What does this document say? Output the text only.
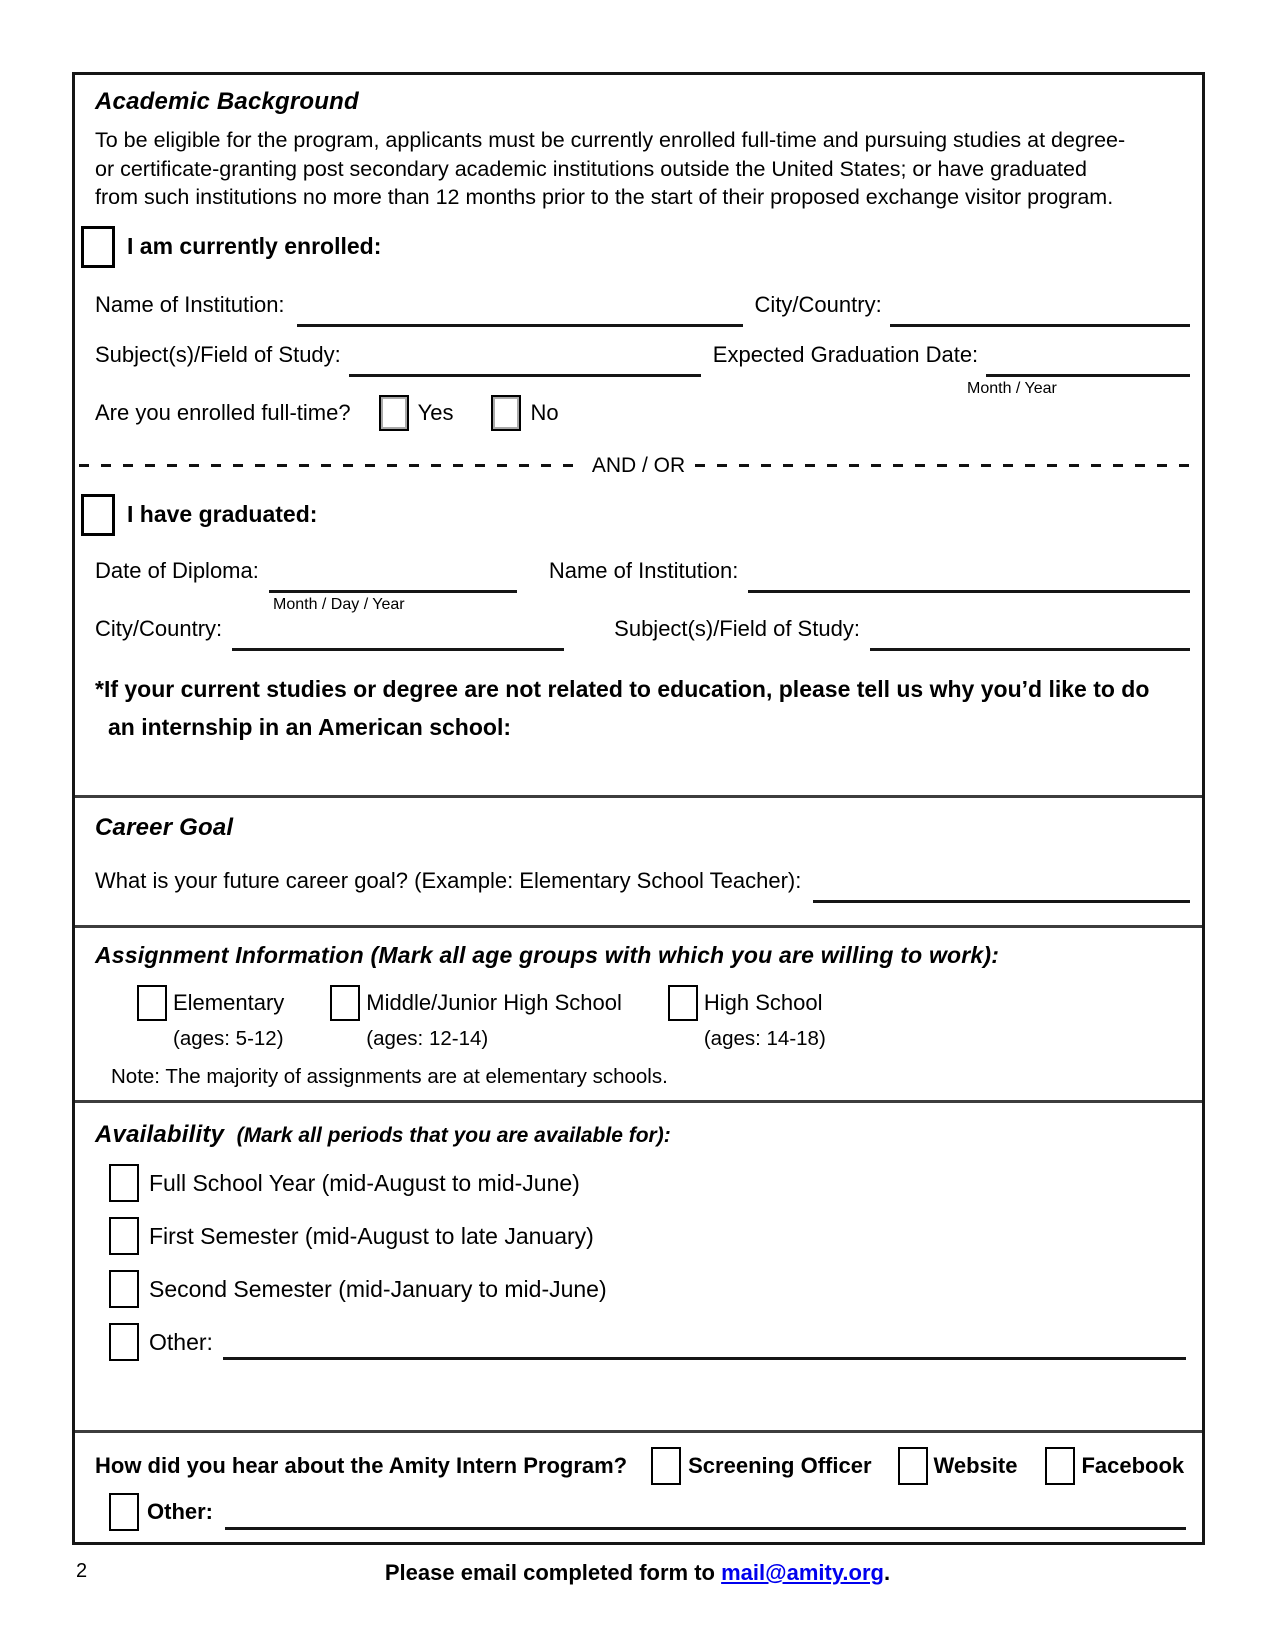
Academic Background
To be eligible for the program, applicants must be currently enrolled full-time and pursuing studies at degree-
or certificate-granting post secondary academic institutions outside the United States; or have graduated
from such institutions no more than 12 months prior to the start of their proposed exchange visitor program.
I am currently enrolled:
Name of Institution:	City/Country:
Subject(s)/Field of Study:	Expected Graduation Date:
Month / Year
Are you enrolled full-time?	Yes	No
AND / OR
I have graduated:
Date of Diploma:	Name of Institution:
Month / Day / Year
City/Country:	Subject(s)/Field of Study:
*If your current studies or degree are not related to education, please tell us why you’d like to do
an internship in an American school:
Career Goal
What is your future career goal? (Example: Elementary School Teacher):
Assignment Information (Mark all age groups with which you are willing to work):
Elementary
(ages: 5-12)
Middle/Junior High School
(ages: 12-14)
High School
(ages: 14-18)
Note: The majority of assignments are at elementary schools.
Availability (Mark all periods that you are available for):
Full School Year (mid-August to mid-June)
First Semester (mid-August to late January)
Second Semester (mid-January to mid-June)
Other:
How did you hear about the Amity Intern Program?	Screening Officer	Website	Facebook
Other:
2	Please email completed form to mail@amity.org.
